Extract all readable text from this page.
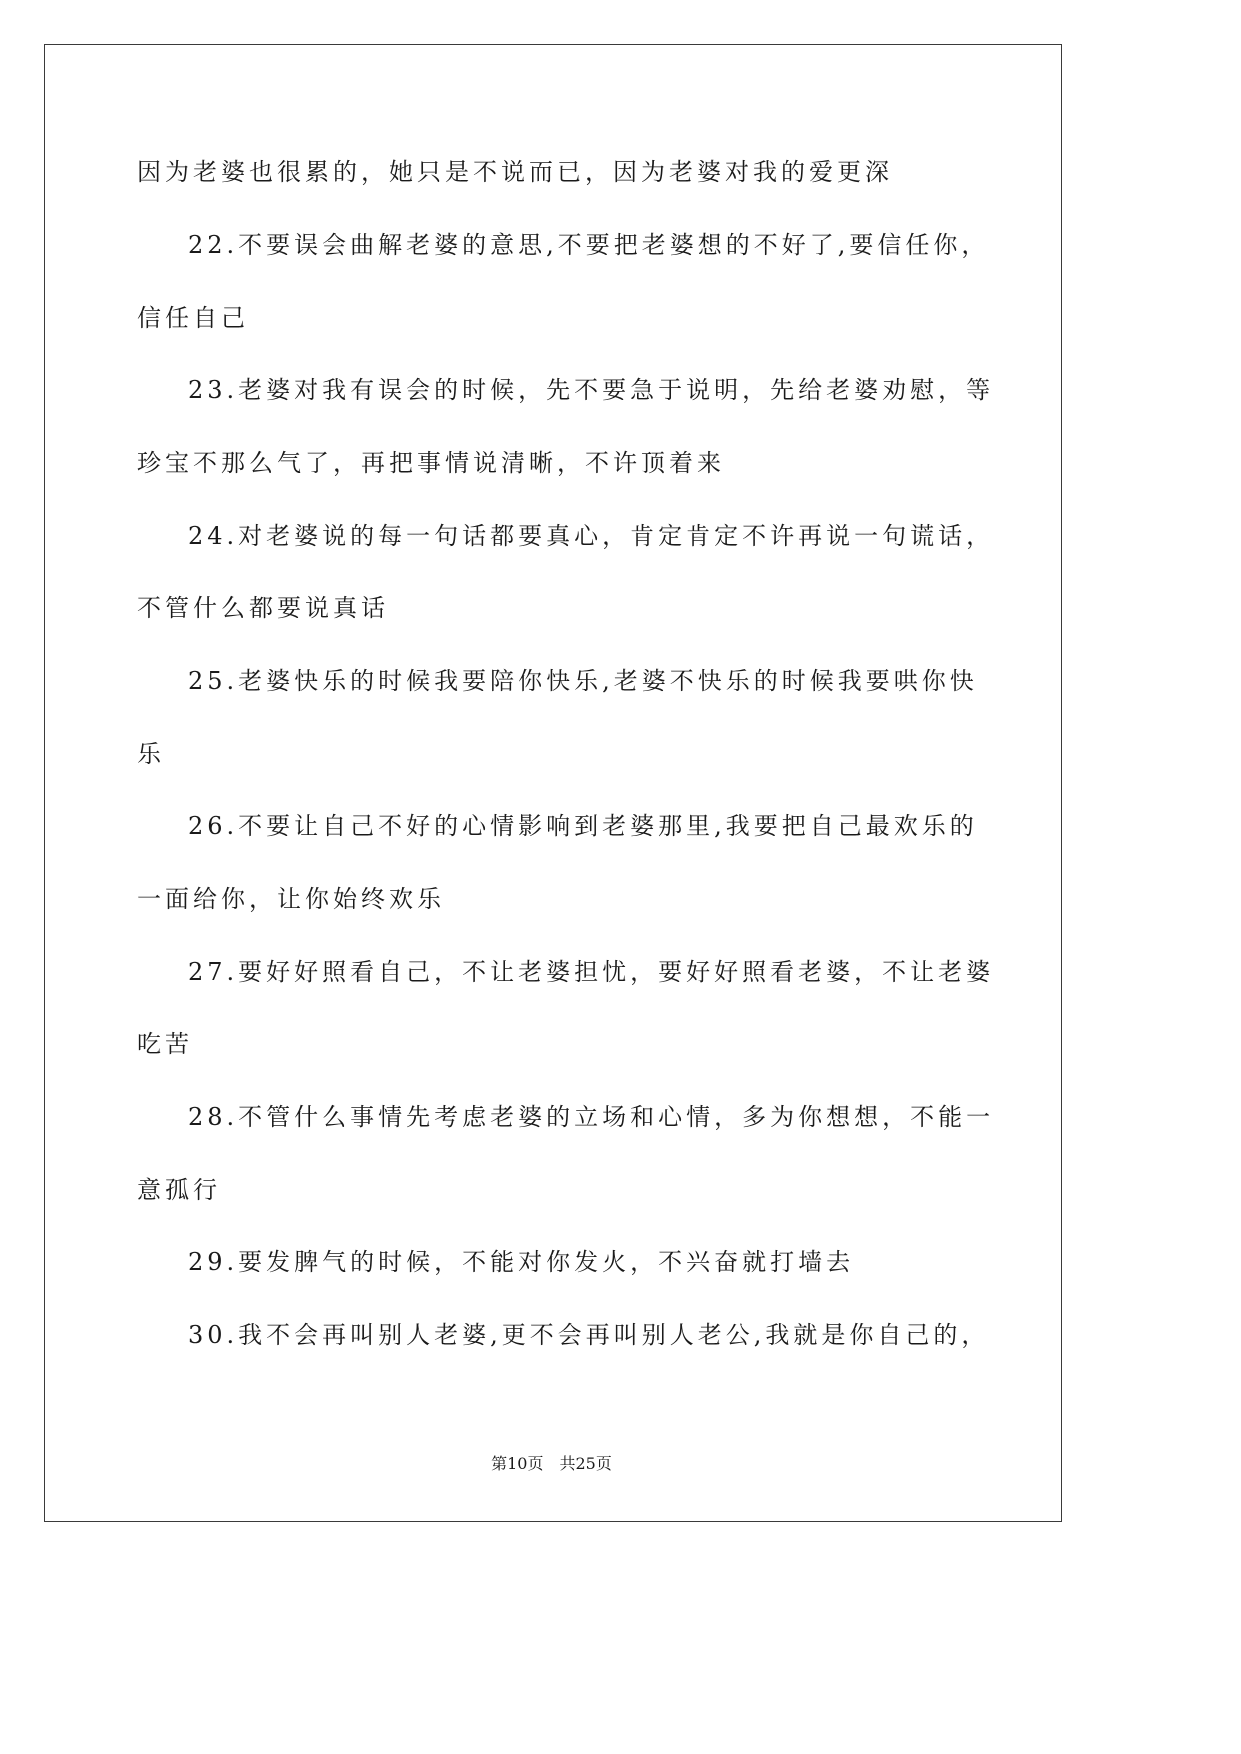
因为老婆也很累的，她只是不说而已，因为老婆对我的爱更深
22.不要误会曲解老婆的意思,不要把老婆想的不好了,要信任你，
信任自己
23.老婆对我有误会的时候，先不要急于说明，先给老婆劝慰，等
珍宝不那么气了，再把事情说清晰，不许顶着来
24.对老婆说的每一句话都要真心，肯定肯定不许再说一句谎话，
不管什么都要说真话
25.老婆快乐的时候我要陪你快乐,老婆不快乐的时候我要哄你快
乐
26.不要让自己不好的心情影响到老婆那里,我要把自己最欢乐的
一面给你，让你始终欢乐
27.要好好照看自己，不让老婆担忧，要好好照看老婆，不让老婆
吃苦
28.不管什么事情先考虑老婆的立场和心情，多为你想想，不能一
意孤行
29.要发脾气的时候，不能对你发火，不兴奋就打墙去
30.我不会再叫别人老婆,更不会再叫别人老公,我就是你自己的，
第10页 共25页
